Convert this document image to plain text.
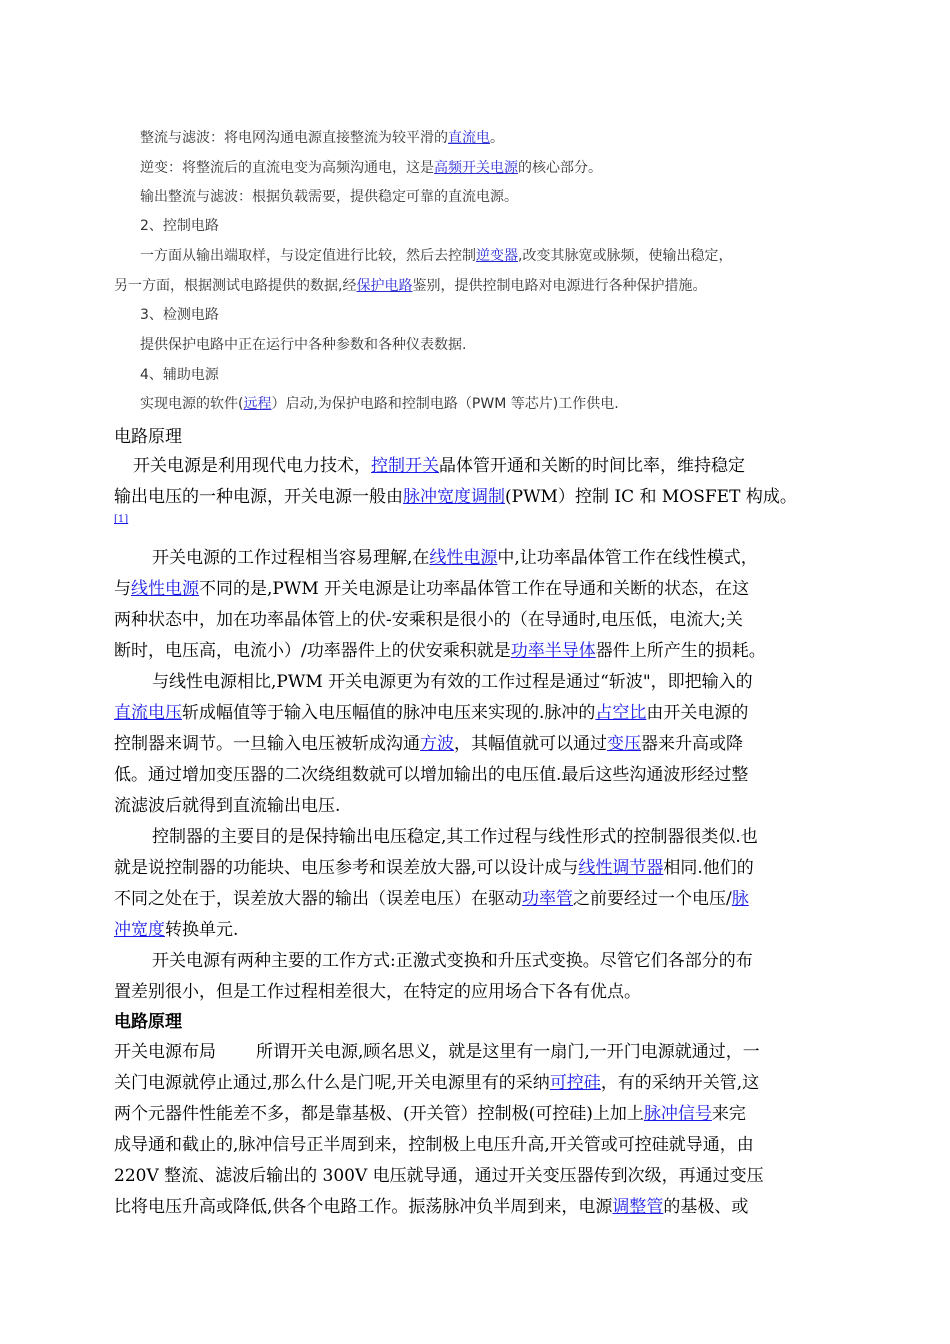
整流与滤波：将电网沟通电源直接整流为较平滑的直流电。
逆变：将整流后的直流电变为高频沟通电，这是高频开关电源的核心部分。
输出整流与滤波：根据负载需要，提供稳定可靠的直流电源。
2、控制电路
一方面从输出端取样，与设定值进行比较，然后去控制逆变器,改变其脉宽或脉频，使输出稳定，
另一方面，根据测试电路提供的数据,经保护电路鉴别，提供控制电路对电源进行各种保护措施。
3、检测电路
提供保护电路中正在运行中各种参数和各种仪表数据.
4、辅助电源
实现电源的软件(远程）启动,为保护电路和控制电路（PWM 等芯片)工作供电.
电路原理
开关电源是利用现代电力技术，控制开关晶体管开通和关断的时间比率，维持稳定
输出电压的一种电源，开关电源一般由脉冲宽度调制(PWM）控制 IC 和 MOSFET 构成。
[1]
开关电源的工作过程相当容易理解,在线性电源中,让功率晶体管工作在线性模式，
与线性电源不同的是,PWM 开关电源是让功率晶体管工作在导通和关断的状态，在这
两种状态中，加在功率晶体管上的伏-安乘积是很小的（在导通时,电压低，电流大;关
断时，电压高，电流小）/功率器件上的伏安乘积就是功率半导体器件上所产生的损耗。
与线性电源相比,PWM 开关电源更为有效的工作过程是通过“斩波"，即把输入的
直流电压斩成幅值等于输入电压幅值的脉冲电压来实现的.脉冲的占空比由开关电源的
控制器来调节。一旦输入电压被斩成沟通方波，其幅值就可以通过变压器来升高或降
低。通过增加变压器的二次绕组数就可以增加输出的电压值.最后这些沟通波形经过整
流滤波后就得到直流输出电压.
控制器的主要目的是保持输出电压稳定,其工作过程与线性形式的控制器很类似.也
就是说控制器的功能块、电压参考和误差放大器,可以设计成与线性调节器相同.他们的
不同之处在于，误差放大器的输出（误差电压）在驱动功率管之前要经过一个电压/脉
冲宽度转换单元.
开关电源有两种主要的工作方式:正激式变换和升压式变换。尽管它们各部分的布
置差别很小，但是工作过程相差很大，在特定的应用场合下各有优点。
电路原理
开关电源布局 所谓开关电源,顾名思义，就是这里有一扇门,一开门电源就通过，一
关门电源就停止通过,那么什么是门呢,开关电源里有的采纳可控硅，有的采纳开关管,这
两个元器件性能差不多，都是靠基极、(开关管）控制极(可控硅)上加上脉冲信号来完
成导通和截止的,脉冲信号正半周到来，控制极上电压升高,开关管或可控硅就导通，由
220V 整流、滤波后输出的 300V 电压就导通，通过开关变压器传到次级，再通过变压
比将电压升高或降低,供各个电路工作。振荡脉冲负半周到来，电源调整管的基极、或
